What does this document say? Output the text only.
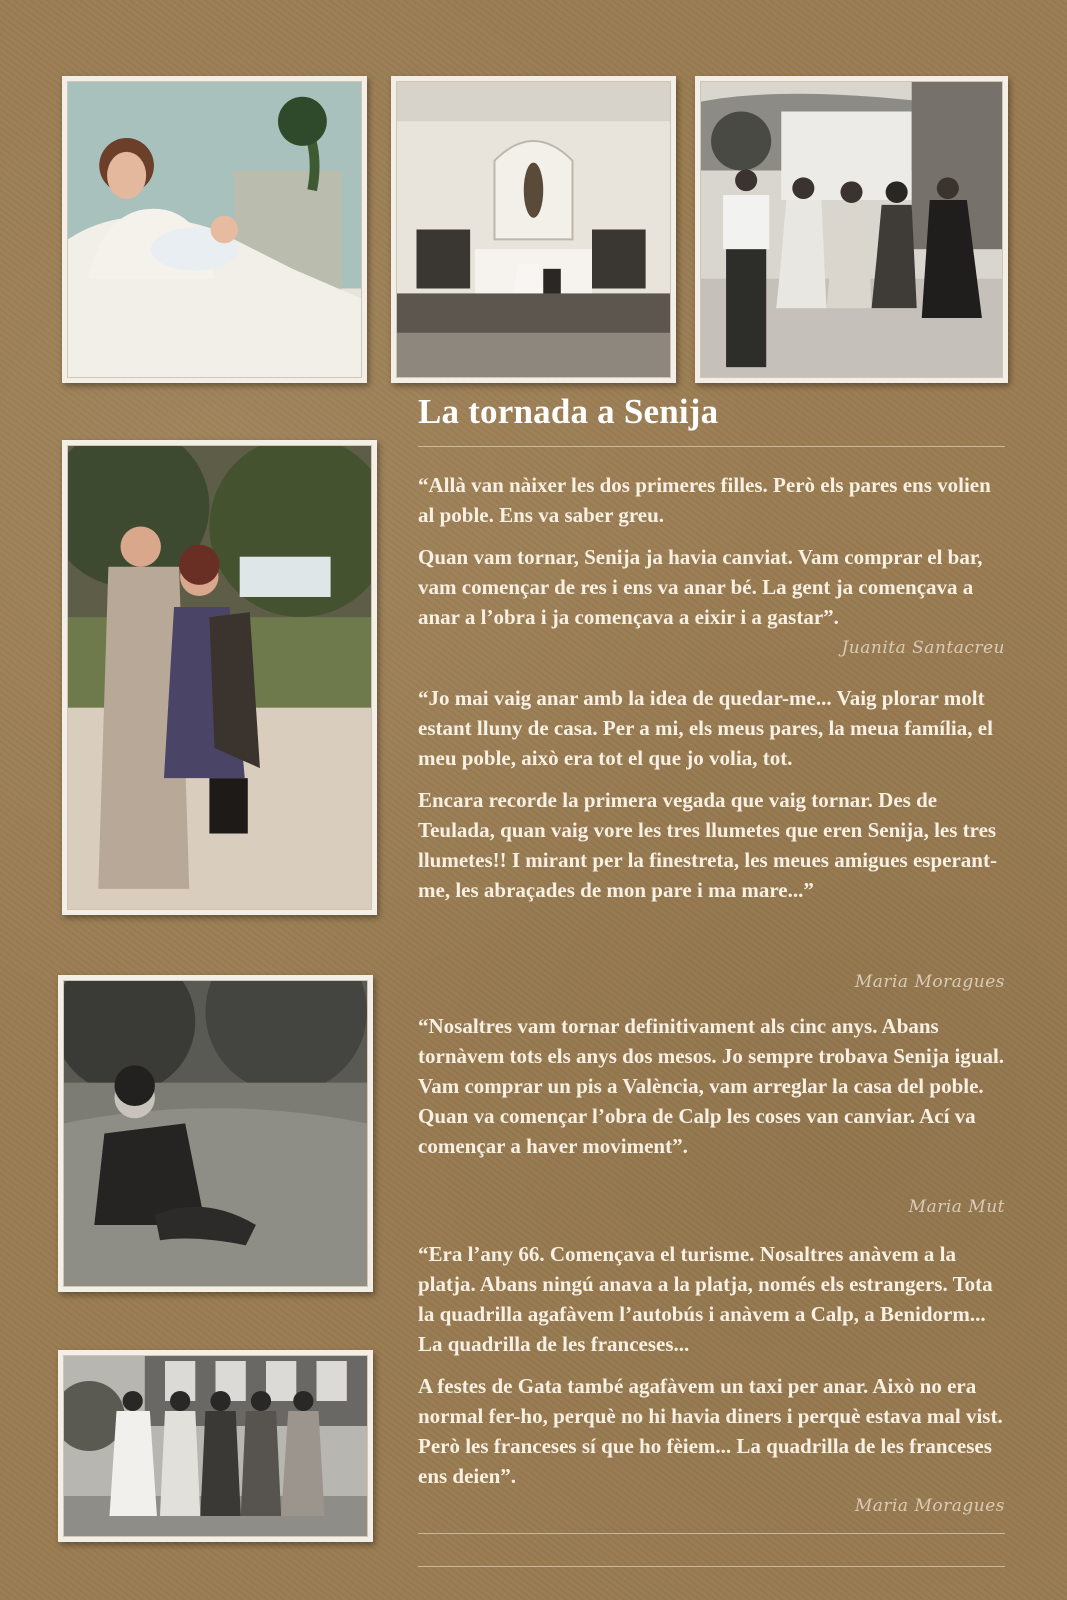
La tornada a Senija

“Allà van nàixer les dos primeres filles. Però els pares ens volien al poble. Ens va saber greu.

Quan vam tornar, Senija ja havia canviat. Vam comprar el bar, vam començar de res i ens va anar bé. La gent ja començava a anar a l’obra i ja començava a eixir i a gastar”.

Juanita Santacreu

“Jo mai vaig anar amb la idea de quedar-me... Vaig plorar molt estant lluny de casa. Per a mi, els meus pares, la meua família, el meu poble, això era tot el que jo volia, tot.

Encara recorde la primera vegada que vaig tornar. Des de Teulada, quan vaig vore les tres llumetes que eren Senija, les tres llumetes!! I mirant per la finestreta, les meues amigues esperant-me, les abraçades de mon pare i ma mare...”

Maria Moragues

“Nosaltres vam tornar definitivament als cinc anys. Abans tornàvem tots els anys dos mesos. Jo sempre trobava Senija igual. Vam comprar un pis a València, vam arreglar la casa del poble. Quan va començar l’obra de Calp les coses van canviar. Ací va començar a haver moviment”.

Maria Mut

“Era l’any 66. Començava el turisme. Nosaltres anàvem a la platja. Abans ningú anava a la platja, només els estrangers. Tota la quadrilla agafàvem l’autobús i anàvem a Calp, a Benidorm... La quadrilla de les franceses...

A festes de Gata també agafàvem un taxi per anar. Això no era normal fer-ho, perquè no hi havia diners i perquè estava mal vist. Però les franceses sí que ho fèiem... La quadrilla de les franceses ens deien”.

Maria Moragues
